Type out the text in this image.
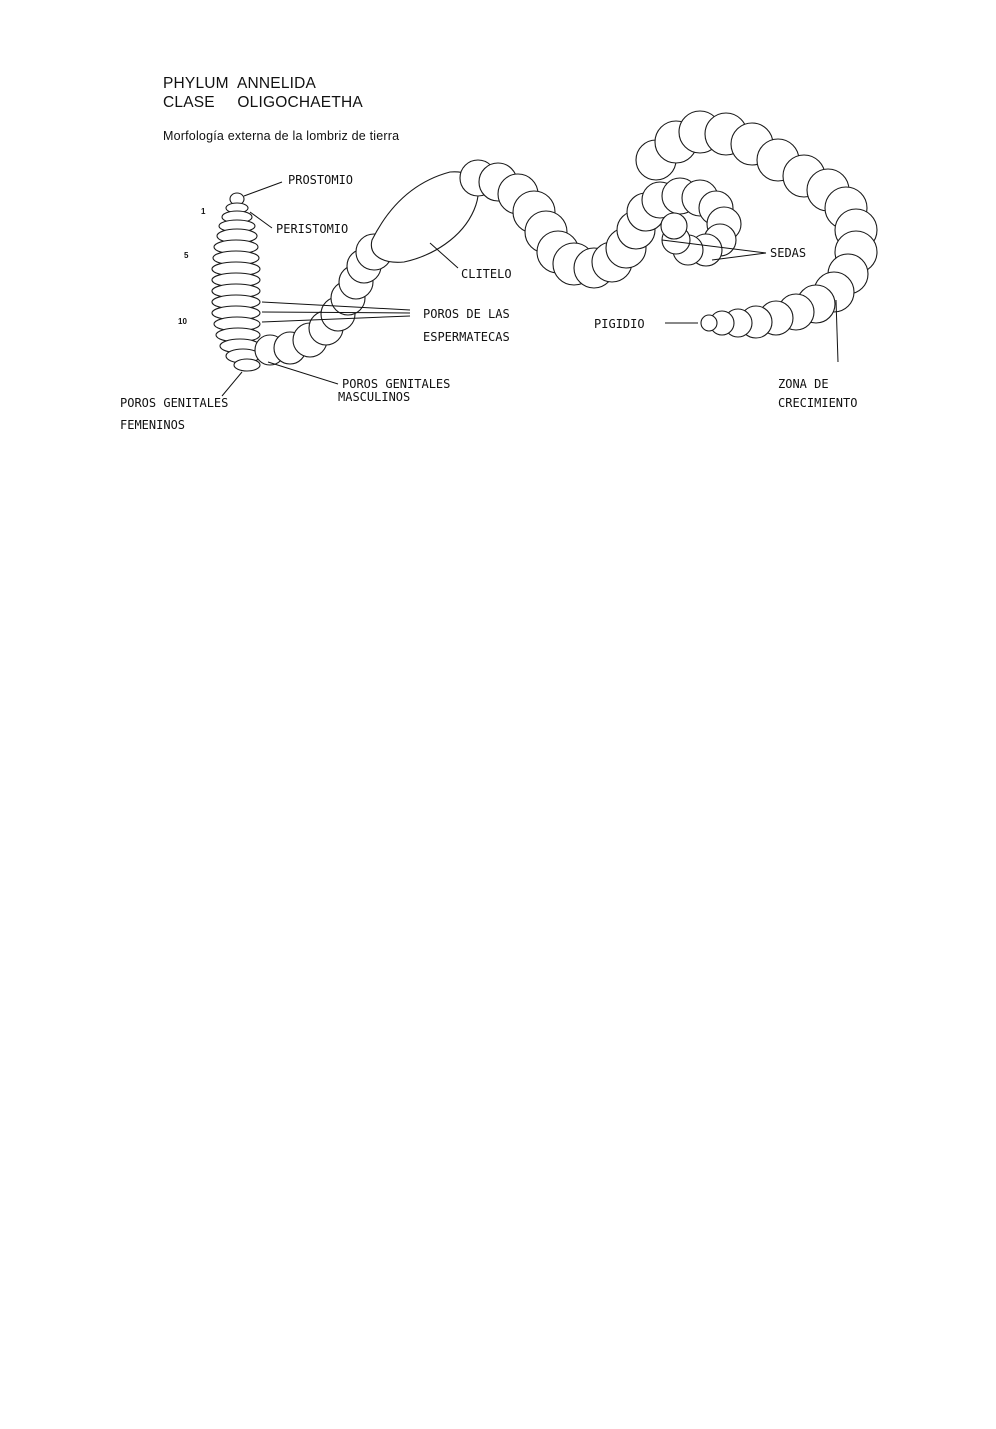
PHYLUM  ANNELIDA
CLASE     OLIGOCHAETHA
Morfología externa de la lombriz de tierra
PROSTOMIO
PERISTOMIO
CLITELO
POROS DE LAS
ESPERMATECAS
SEDAS
PIGIDIO
POROS GENITALES
MASCULINOS
POROS GENITALES
FEMENINOS
ZONA DE
CRECIMIENTO
1
5
10
